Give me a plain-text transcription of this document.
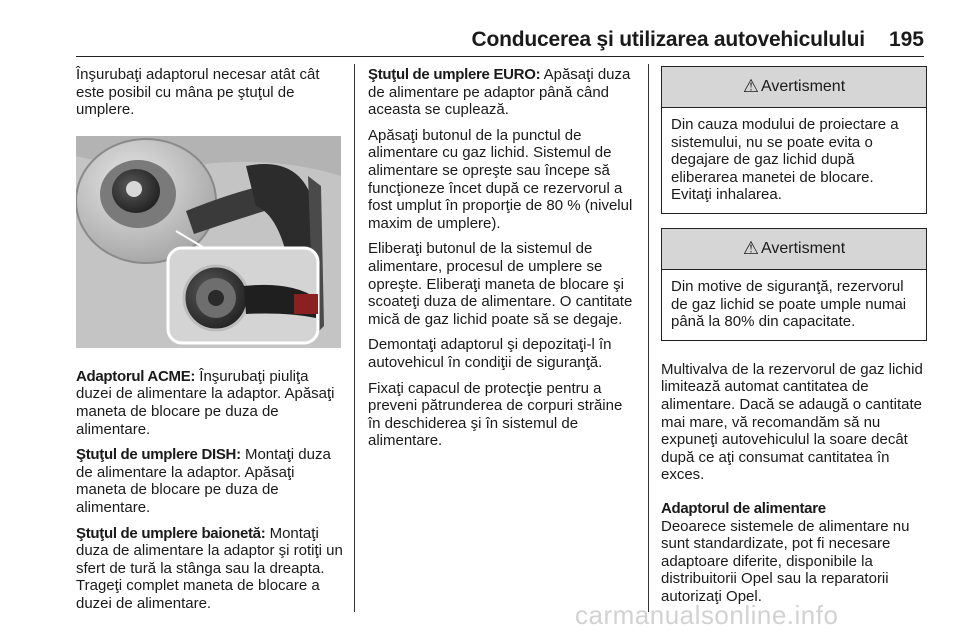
Conducerea şi utilizarea autovehiculului 195

Înşurubaţi adaptorul necesar atât cât este posibil cu mâna pe ştuţul de umplere.

Adaptorul ACME: Înşurubaţi piuliţa duzei de alimentare la adaptor. Apăsaţi maneta de blocare pe duza de alimentare.

Ştuţul de umplere DISH: Montaţi duza de alimentare la adaptor. Apăsaţi maneta de blocare pe duza de alimentare.

Ştuţul de umplere baionetă: Montaţi duza de alimentare la adaptor şi rotiţi un sfert de tură la stânga sau la dreapta. Trageţi complet maneta de blocare a duzei de alimentare.

Ştuţul de umplere EURO: Apăsaţi duza de alimentare pe adaptor până când aceasta se cuplează.

Apăsaţi butonul de la punctul de alimentare cu gaz lichid. Sistemul de alimentare se opreşte sau începe să funcţioneze încet după ce rezervorul a fost umplut în proporţie de 80 % (nivelul maxim de umplere).

Eliberaţi butonul de la sistemul de alimentare, procesul de umplere se opreşte. Eliberaţi maneta de blocare şi scoateţi duza de alimentare. O cantitate mică de gaz lichid poate să se degaje.

Demontaţi adaptorul şi depozitaţi-l în autovehicul în condiţii de siguranţă.

Fixaţi capacul de protecţie pentru a preveni pătrunderea de corpuri străine în deschiderea şi în sistemul de alimentare.

⚠ Avertisment
Din cauza modului de proiectare a sistemului, nu se poate evita o degajare de gaz lichid după eliberarea manetei de blocare. Evitaţi inhalarea.
⚠ Avertisment
Din motive de siguranţă, rezervorul de gaz lichid se poate umple numai până la 80% din capacitate.

Multivalva de la rezervorul de gaz lichid limitează automat cantitatea de alimentare. Dacă se adaugă o cantitate mai mare, vă recomandăm să nu expuneţi autovehiculul la soare decât după ce aţi consumat cantitatea în exces.

Adaptorul de alimentare

Deoarece sistemele de alimentare nu sunt standardizate, pot fi necesare adaptoare diferite, disponibile la distribuitorii Opel sau la reparatorii autorizaţi Opel.

carmanualsonline.info
